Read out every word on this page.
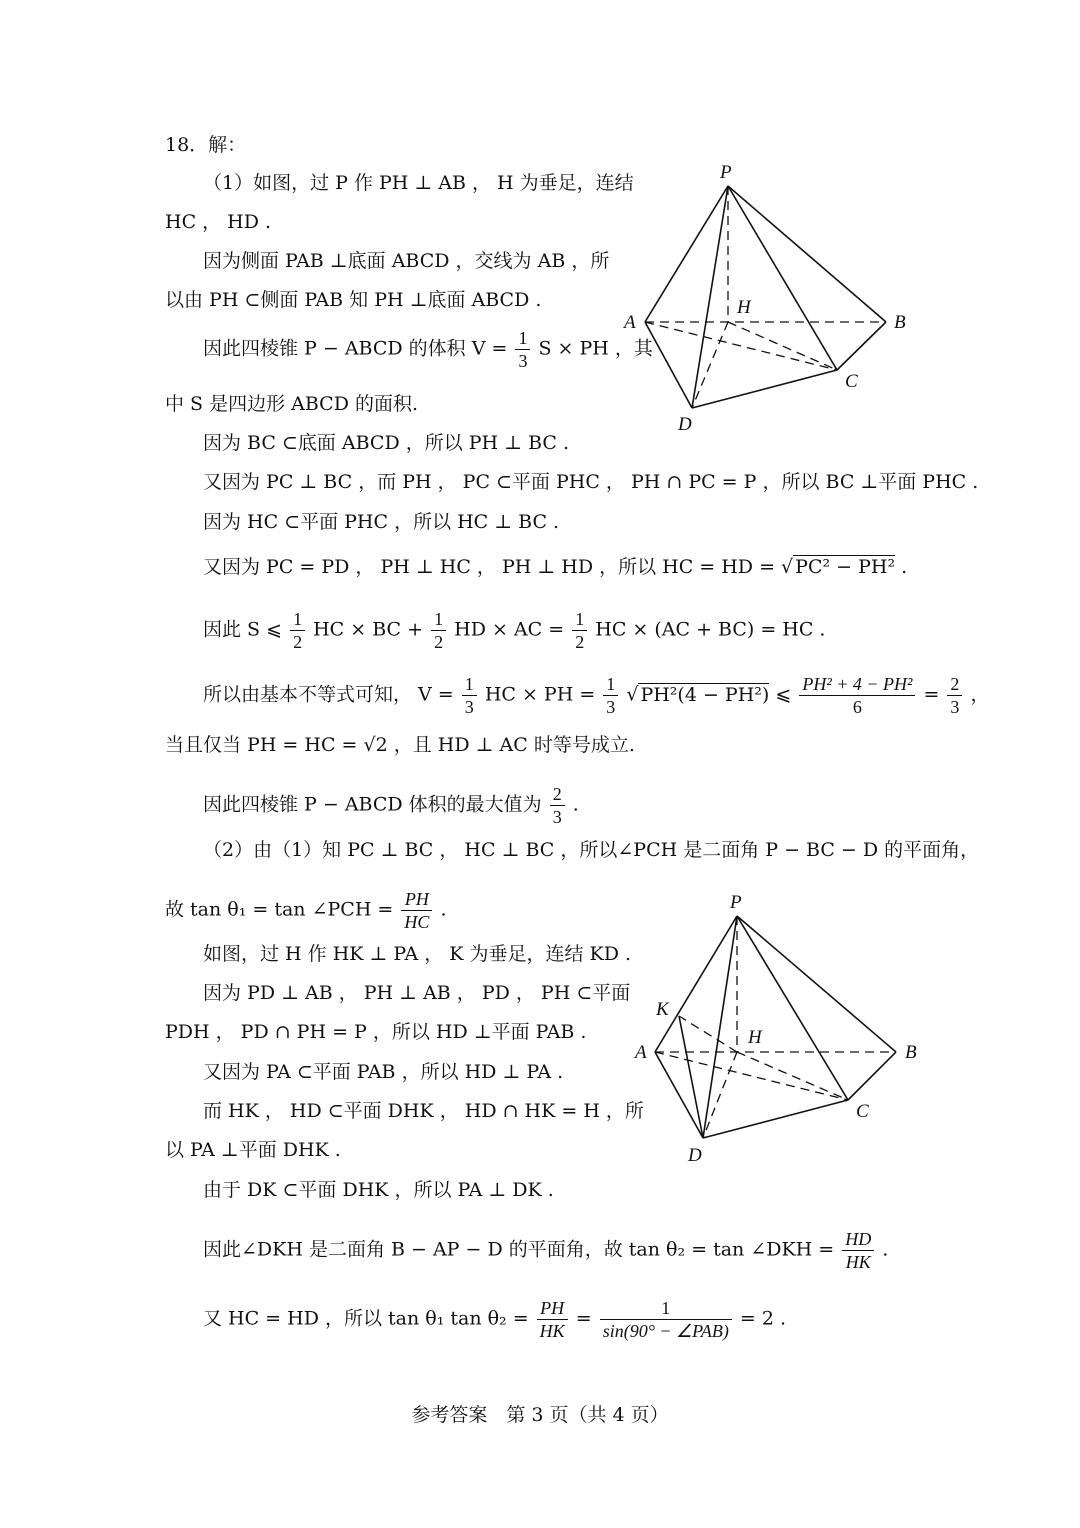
18．解：
（1）如图，过 P 作 PH ⊥ AB ， H 为垂足，连结
HC ， HD .
因为侧面 PAB ⊥底面 ABCD ，交线为 AB ，所
以由 PH ⊂侧面 PAB 知 PH ⊥底面 ABCD .
因此四棱锥 P − ABCD 的体积 $V = \frac{1}{3}$ S × PH ，其
中 S 是四边形 ABCD 的面积.
因为 BC ⊂底面 ABCD ，所以 PH ⊥ BC .
又因为 PC ⊥ BC ，而 PH ， PC ⊂平面 PHC ， PH ∩ PC = P ，所以 BC ⊥平面 PHC .
因为 HC ⊂平面 PHC ，所以 HC ⊥ BC .
又因为 PC = PD ， PH ⊥ HC ， PH ⊥ HD ，所以 HC = HD = √ PC² − PH² .
因此 S ⩽ $\frac{1}{2}$ HC × BC + $\frac{1}{2}$ HD × AC = $\frac{1}{2}$ HC × (AC + BC) = HC .
所以由基本不等式可知， $V = \frac{1}{3}$ HC × PH = $\frac{1}{3}$ √ PH²(4 − PH²) ⩽ $\frac{\text{PH² + 4 − PH²}}{6} = \frac{2}{3}$ ，
当且仅当 PH = HC = √2 ，且 HD ⊥ AC 时等号成立.
因此四棱锥 P − ABCD 体积的最大值为 $\frac{2}{3}$ .
（2）由（1）知 PC ⊥ BC ， HC ⊥ BC ，所以∠PCH 是二面角 P − BC − D 的平面角，
故 tan θ₁ = tan ∠PCH = $\frac{PH}{HC}$ .
如图，过 H 作 HK ⊥ PA ， K 为垂足，连结 KD .
因为 PD ⊥ AB ， PH ⊥ AB ， PD ， PH ⊂平面
PDH ， PD ∩ PH = P ，所以 HD ⊥平面 PAB .
又因为 PA ⊂平面 PAB ，所以 HD ⊥ PA .
而 HK ， HD ⊂平面 DHK ， HD ∩ HK = H ，所
以 PA ⊥平面 DHK .
由于 DK ⊂平面 DHK ，所以 PA ⊥ DK .
因此∠DKH 是二面角 B − AP − D 的平面角，故 tan θ₂ = tan ∠DKH = $\frac{HD}{HK}$ .
又 HC = HD ，所以 tan θ₁ $\tan \theta_2 = \frac{PH}{HK}$ =	1
sin(90° − ∠PAB)
= 2 .
P
A	B
H
C
D
P
K
A	B
H
C
D
参考答案　第 3 页（共 4 页）
